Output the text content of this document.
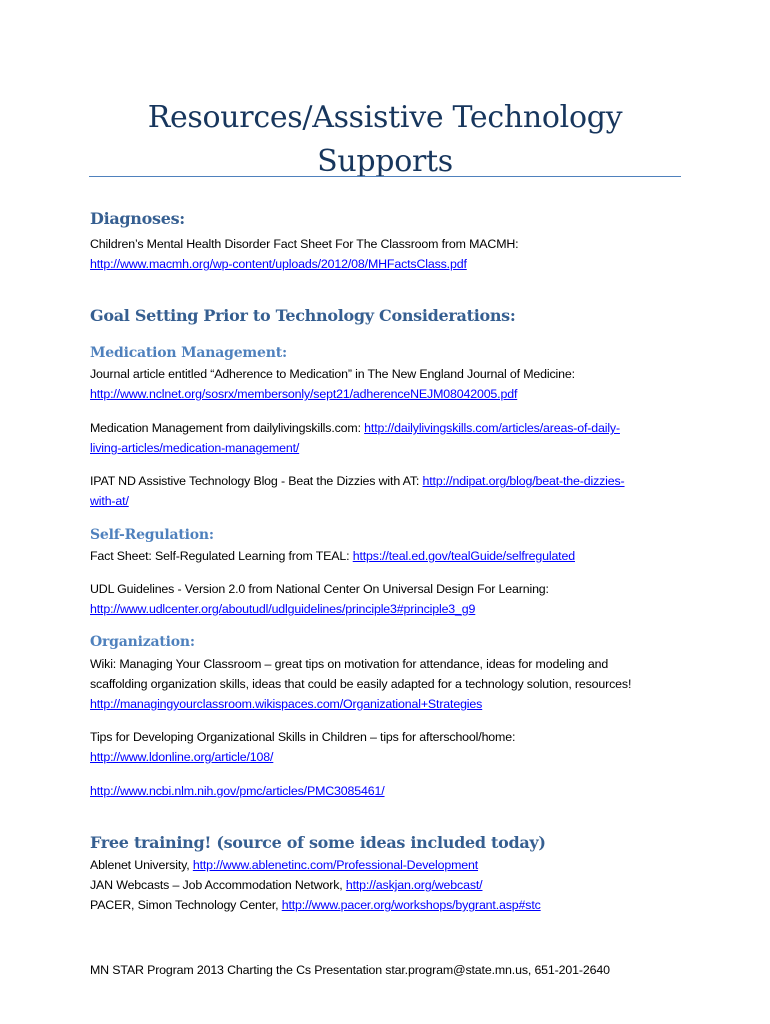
Resources/Assistive Technology
Supports
Diagnoses:

Children’s Mental Health Disorder Fact Sheet For The Classroom from MACMH:
http://www.macmh.org/wp-content/uploads/2012/08/MHFactsClass.pdf

Goal Setting Prior to Technology Considerations:
Medication Management:

Journal article entitled “Adherence to Medication” in The New England Journal of Medicine:
http://www.nclnet.org/sosrx/membersonly/sept21/adherenceNEJM08042005.pdf

Medication Management from dailylivingskills.com: http://dailylivingskills.com/articles/areas-of-daily-
living-articles/medication-management/

IPAT ND Assistive Technology Blog - Beat the Dizzies with AT: http://ndipat.org/blog/beat-the-dizzies-
with-at/

Self-Regulation:

Fact Sheet: Self-Regulated Learning from TEAL: https://teal.ed.gov/tealGuide/selfregulated

UDL Guidelines - Version 2.0 from National Center On Universal Design For Learning:
http://www.udlcenter.org/aboutudl/udlguidelines/principle3#principle3_g9

Organization:

Wiki: Managing Your Classroom – great tips on motivation for attendance, ideas for modeling and
scaffolding organization skills, ideas that could be easily adapted for a technology solution, resources!
http://managingyourclassroom.wikispaces.com/Organizational+Strategies

Tips for Developing Organizational Skills in Children – tips for afterschool/home:
http://www.ldonline.org/article/108/

http://www.ncbi.nlm.nih.gov/pmc/articles/PMC3085461/

Free training! (source of some ideas included today)

Ablenet University, http://www.ablenetinc.com/Professional-Development
JAN Webcasts – Job Accommodation Network, http://askjan.org/webcast/
PACER, Simon Technology Center, http://www.pacer.org/workshops/bygrant.asp#stc

MN STAR Program 2013 Charting the Cs Presentation star.program@state.mn.us, 651-201-2640
